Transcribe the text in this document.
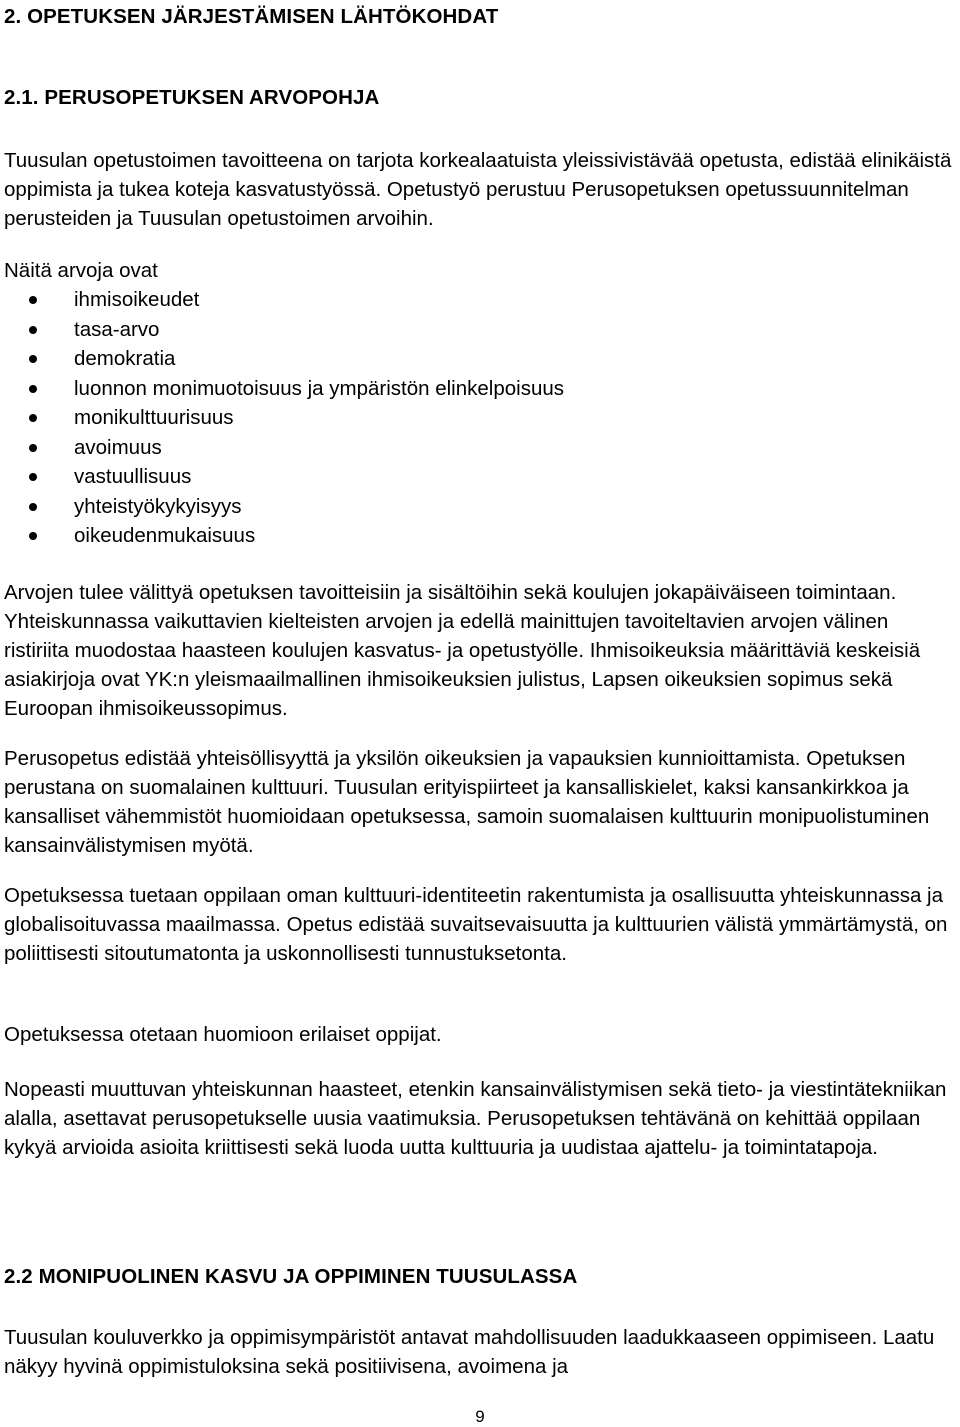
2. OPETUKSEN JÄRJESTÄMISEN LÄHTÖKOHDAT
2.1. PERUSOPETUKSEN ARVOPOHJA

Tuusulan opetustoimen tavoitteena on tarjota korkealaatuista yleissivistävää opetusta, edistää elinikäistä oppimista ja tukea koteja kasvatustyössä. Opetustyö perustuu Perusopetuksen opetussuunnitelman perusteiden ja Tuusulan opetustoimen arvoihin.

Näitä arvoja ovat

ihmisoikeudet
tasa-arvo
demokratia
luonnon monimuotoisuus ja ympäristön elinkelpoisuus
monikulttuurisuus
avoimuus
vastuullisuus
yhteistyökykyisyys
oikeudenmukaisuus

Arvojen tulee välittyä opetuksen tavoitteisiin ja sisältöihin sekä koulujen jokapäiväiseen toimintaan. Yhteiskunnassa vaikuttavien kielteisten arvojen ja edellä mainittujen tavoiteltavien arvojen välinen ristiriita muodostaa haasteen koulujen kasvatus- ja opetustyölle. Ihmisoikeuksia määrittäviä keskeisiä asiakirjoja ovat YK:n yleismaailmallinen ihmisoikeuksien julistus, Lapsen oikeuksien sopimus sekä Euroopan ihmisoikeussopimus.

Perusopetus edistää yhteisöllisyyttä ja yksilön oikeuksien ja vapauksien kunnioittamista. Opetuksen perustana on suomalainen kulttuuri. Tuusulan erityispiirteet ja kansalliskielet, kaksi kansankirkkoa ja kansalliset vähemmistöt huomioidaan opetuksessa, samoin suomalaisen kulttuurin monipuolistuminen kansainvälistymisen myötä.

Opetuksessa tuetaan oppilaan oman kulttuuri-identiteetin rakentumista ja osallisuutta yhteiskunnassa ja globalisoituvassa maailmassa. Opetus edistää suvaitsevaisuutta ja kulttuurien välistä ymmärtämystä, on poliittisesti sitoutumatonta ja uskonnollisesti tunnustuksetonta.

Opetuksessa otetaan huomioon erilaiset oppijat.

Nopeasti muuttuvan yhteiskunnan haasteet, etenkin kansainvälistymisen sekä tieto- ja viestintätekniikan alalla, asettavat perusopetukselle uusia vaatimuksia. Perusopetuksen tehtävänä on kehittää oppilaan kykyä arvioida asioita kriittisesti sekä luoda uutta kulttuuria ja uudistaa ajattelu- ja toimintatapoja.

2.2 MONIPUOLINEN KASVU JA OPPIMINEN TUUSULASSA

Tuusulan kouluverkko ja oppimisympäristöt antavat mahdollisuuden laadukkaaseen oppimiseen. Laatu näkyy hyvinä oppimistuloksina sekä positiivisena, avoimena ja

9
